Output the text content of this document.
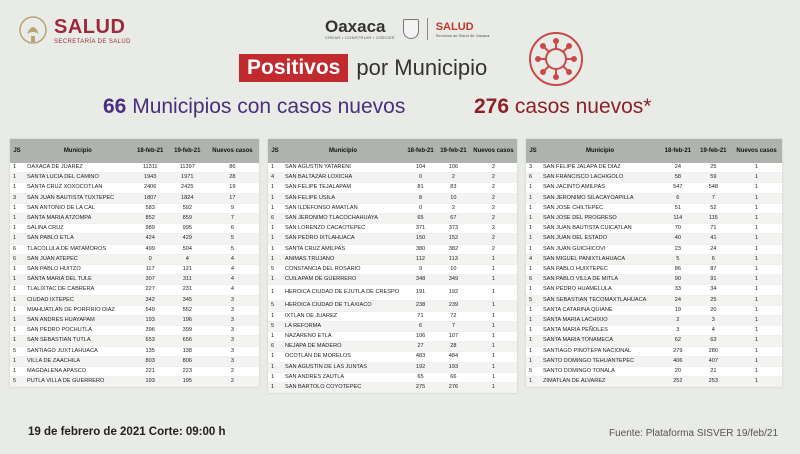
SALUD
SECRETARÍA DE SALUD
Oaxaca
CREAR • CONSTRUIR • CRECER
SALUD
Servicios de Salud de Oaxaca
Positivos por Municipio
66 Municipios con casos nuevos	276 casos nuevos*
JS	Municipio	18-feb-21	19-feb-21	Nuevos casos
1	OAXACA DE JUAREZ	11311	11397	86
1	SANTA LUCIA DEL CAMINO	1943	1971	28
1	SANTA CRUZ XOXOCOTLAN	2406	2425	19
3	SAN JUAN BAUTISTA TUXTEPEC	1807	1824	17
1	SAN ANTONIO DE LA CAL	583	592	9
1	SANTA MARIA ATZOMPA	852	859	7
1	SALINA CRUZ	989	995	6
1	SAN PABLO ETLA	424	429	5
6	TLACOLULA DE MATAMOROS	499	504	5
6	SAN JUAN ATEPEC	0	4	4
1	SAN PABLO HUITZO	117	121	4
1	SANTA MARIA DEL TULE	307	311	4
1	TLALIXTAC DE CABRERA	227	231	4
1	CIUDAD IXTEPEC	342	345	3
1	MIAHUATLAN DE PORFIRIO DIAZ	549	552	3
1	SAN ANDRES HUAYAPAM	193	196	3
1	SAN PEDRO POCHUTLA	396	399	3
1	SAN SEBASTIAN TUTLA	653	656	3
5	SANTIAGO JUXTLAHUACA	135	138	3
1	VILLA DE ZAACHILA	803	806	3
1	MAGDALENA APASCO	221	223	2
5	PUTLA VILLA DE GUERRERO	193	195	2
JS	Municipio	18-feb-21	19-feb-21	Nuevos casos
1	SAN AGUSTIN YATARENI	104	106	2
4	SAN BALTAZAR LOXICHA	0	2	2
1	SAN FELIPE TEJALAPAM	81	83	2
1	SAN FELIPE USILA	8	10	2
1	SAN ILDEFONSO AMATLAN	0	2	2
6	SAN JERONIMO TLACOCHAHUAYA	65	67	2
1	SAN LORENZO CACAOTEPEC	371	373	2
1	SAN PEDRO IXTLAHUACA	150	152	2
1	SANTA CRUZ AMILPAS	380	382	2
1	ANIMAS TRUJANO	112	113	1
5	CONSTANCIA DEL ROSARIO	9	10	1
1	CUILAPAM DE GUERRERO	348	349	1
1	HEROICA CIUDAD DE EJUTLA DE CRESPO	191	192	1
5	HEROICA CIUDAD DE TLAXIACO	238	239	1
1	IXTLAN DE JUAREZ	71	72	1
5	LA REFORMA	6	7	1
1	NAZARENO ETLA	106	107	1
6	NEJAPA DE MADERO	27	28	1
1	OCOTLAN DE MORELOS	483	484	1
1	SAN AGUSTIN DE LAS JUNTAS	192	193	1
1	SAN ANDRES ZAUTLA	65	66	1
1	SAN BARTOLO COYOTEPEC	275	276	1
JS	Municipio	18-feb-21	19-feb-21	Nuevos casos
3	SAN FELIPE JALAPA DE DIAZ	24	25	1
6	SAN FRANCISCO LACHIGOLO	58	59	1
1	SAN JACINTO AMILPAS	547	548	1
1	SAN JERONIMO SILACAYOAPILLA	6	7	1
1	SAN JOSE CHILTEPEC	51	52	1
1	SAN JOSE DEL PROGRESO	114	115	1
1	SAN JUAN BAUTISTA CUICATLAN	70	71	1
1	SAN JUAN DEL ESTADO	40	41	1
1	SAN JUAN GUICHICOVI	23	24	1
4	SAN MIGUEL PANIXTLAHUACA	5	6	1
1	SAN PABLO HUIXTEPEC	86	87	1
6	SAN PABLO VILLA DE MITLA	90	91	1
1	SAN PEDRO HUAMELULA	33	34	1
5	SAN SEBASTIAN TECOMAXTLAHUACA	24	25	1
1	SANTA CATARINA QUIANE	19	20	1
1	SANTA MARIA LACHIXIO	2	3	1
1	SANTA MARIA PEÑOLES	3	4	1
1	SANTA MARIA TONAMECA	62	63	1
1	SANTIAGO PINOTEPA NACIONAL	279	280	1
1	SANTO DOMINGO TEHUANTEPEC	406	407	1
5	SANTO DOMINGO TONALA	20	21	1
1	ZIMATLAN DE ALVAREZ	252	253	1
19 de febrero de 2021 Corte: 09:00 h	Fuente: Plataforma SISVER 19/feb/21
